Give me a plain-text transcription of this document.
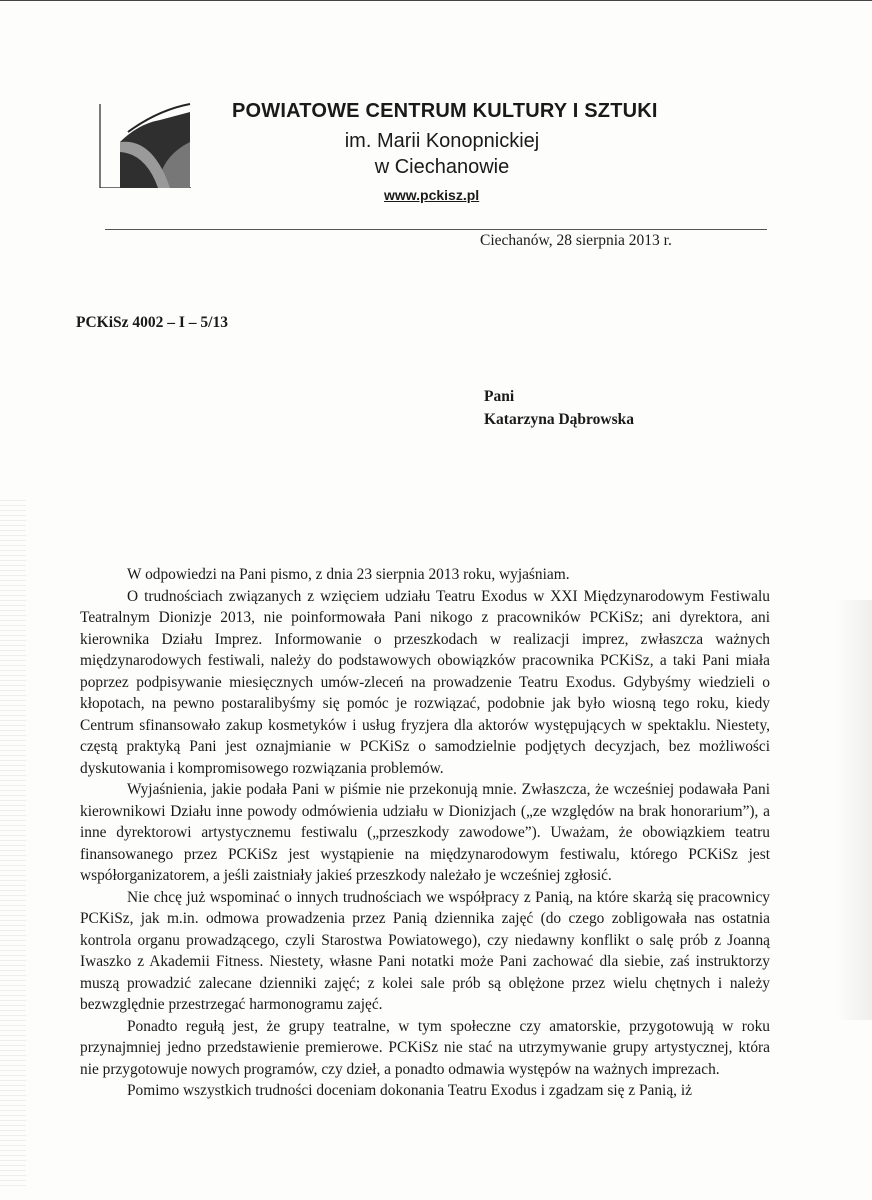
POWIATOWE CENTRUM KULTURY I SZTUKI
im. Marii Konopnickiej
w Ciechanowie
www.pckisz.pl
Ciechanów, 28 sierpnia 2013 r.
PCKiSz 4002 – I – 5/13
Pani
Katarzyna Dąbrowska

W odpowiedzi na Pani pismo, z dnia 23 sierpnia 2013 roku, wyjaśniam.

O trudnościach związanych z wzięciem udziału Teatru Exodus w XXI Międzynarodowym Festiwalu Teatralnym Dionizje 2013, nie poinformowała Pani nikogo z pracowników PCKiSz; ani dyrektora, ani kierownika Działu Imprez. Informowanie o przeszkodach w realizacji imprez, zwłaszcza ważnych międzynarodowych festiwali, należy do podstawowych obowiązków pracownika PCKiSz, a taki Pani miała poprzez podpisywanie miesięcznych umów-zleceń na prowadzenie Teatru Exodus. Gdybyśmy wiedzieli o kłopotach, na pewno postaralibyśmy się pomóc je rozwiązać, podobnie jak było wiosną tego roku, kiedy Centrum sfinansowało zakup kosmetyków i usług fryzjera dla aktorów występujących w spektaklu. Niestety, częstą praktyką Pani jest oznajmianie w PCKiSz o samodzielnie podjętych decyzjach, bez możliwości dyskutowania i kompromisowego rozwiązania problemów.

Wyjaśnienia, jakie podała Pani w piśmie nie przekonują mnie. Zwłaszcza, że wcześniej podawała Pani kierownikowi Działu inne powody odmówienia udziału w Dionizjach („ze względów na brak honorarium”), a inne dyrektorowi artystycznemu festiwalu („przeszkody zawodowe”). Uważam, że obowiązkiem teatru finansowanego przez PCKiSz jest wystąpienie na międzynarodowym festiwalu, którego PCKiSz jest współorganizatorem, a jeśli zaistniały jakieś przeszkody należało je wcześniej zgłosić.

Nie chcę już wspominać o innych trudnościach we współpracy z Panią, na które skarżą się pracownicy PCKiSz, jak m.in. odmowa prowadzenia przez Panią dziennika zajęć (do czego zobligowała nas ostatnia kontrola organu prowadzącego, czyli Starostwa Powiatowego), czy niedawny konflikt o salę prób z Joanną Iwaszko z Akademii Fitness. Niestety, własne Pani notatki może Pani zachować dla siebie, zaś instruktorzy muszą prowadzić zalecane dzienniki zajęć; z kolei sale prób są oblężone przez wielu chętnych i należy bezwzględnie przestrzegać harmonogramu zajęć.

Ponadto regułą jest, że grupy teatralne, w tym społeczne czy amatorskie, przygotowują w roku przynajmniej jedno przedstawienie premierowe. PCKiSz nie stać na utrzymywanie grupy artystycznej, która nie przygotowuje nowych programów, czy dzieł, a ponadto odmawia występów na ważnych imprezach.

Pomimo wszystkich trudności doceniam dokonania Teatru Exodus i zgadzam się z Panią, iż
